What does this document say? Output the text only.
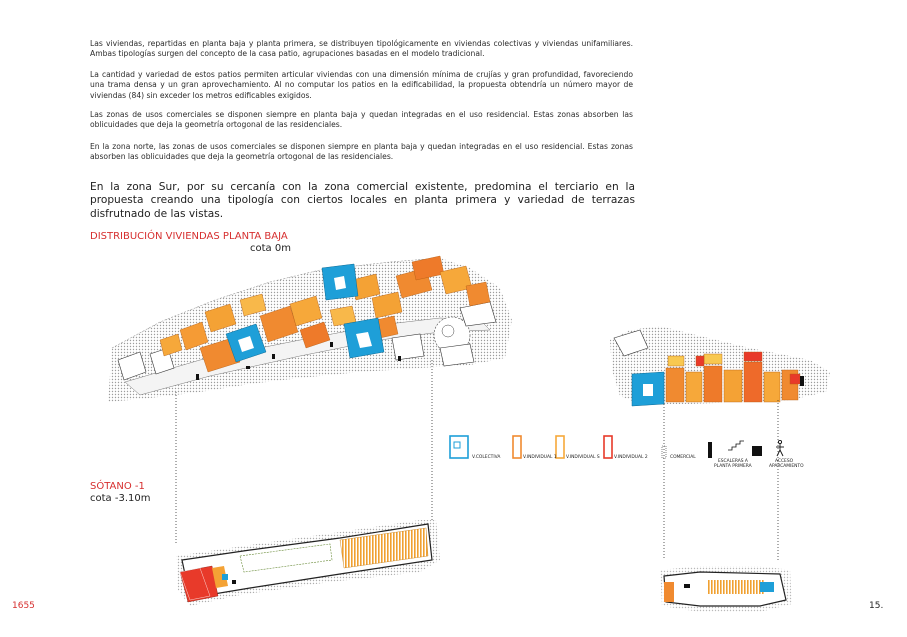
Las viviendas, repartidas en planta baja y planta primera, se distribuyen tipológicamente en viviendas colectivas y viviendas unifamiliares. Ambas tipologías surgen del concepto de la casa patio, agrupaciones basadas en el modelo tradicional.

La cantidad y variedad de estos patios permiten articular viviendas con una dimensión mínima de crujías y gran profundidad, favoreciendo una trama densa y un gran aprovechamiento. Al no computar los patios en la edificabilidad, la propuesta obtendría un número mayor de viviendas (84) sin exceder los metros edificables exigidos.

Las zonas de usos comerciales se disponen siempre en planta baja y quedan integradas en el uso residencial. Estas zonas absorben las oblicuidades que deja la geometría ortogonal de las residenciales.

En la zona norte, las zonas de usos comerciales se disponen siempre en planta baja y quedan integradas en el uso residencial. Estas zonas absorben las oblicuidades que deja la geometría ortogonal de las residenciales.

En la zona Sur, por su cercanía con la zona comercial existente, predomina el terciario en la propuesta creando una tipología con ciertos locales en planta primera y variedad de terrazas disfrutnado de las vistas.

DISTRIBUCIÓN VIVIENDAS PLANTA BAJA

cota 0m

SÓTANO -1

cota -3.10m

1655	15.

V.COLECTIVA	V.INDIVIDUAL 1 V.INDIVIDUAL S	V.INDIVIDUAL 2	COMERCIAL
ESCALERAS A
PLANTA PRIMERA
ACCESO
APARCAMIENTO
